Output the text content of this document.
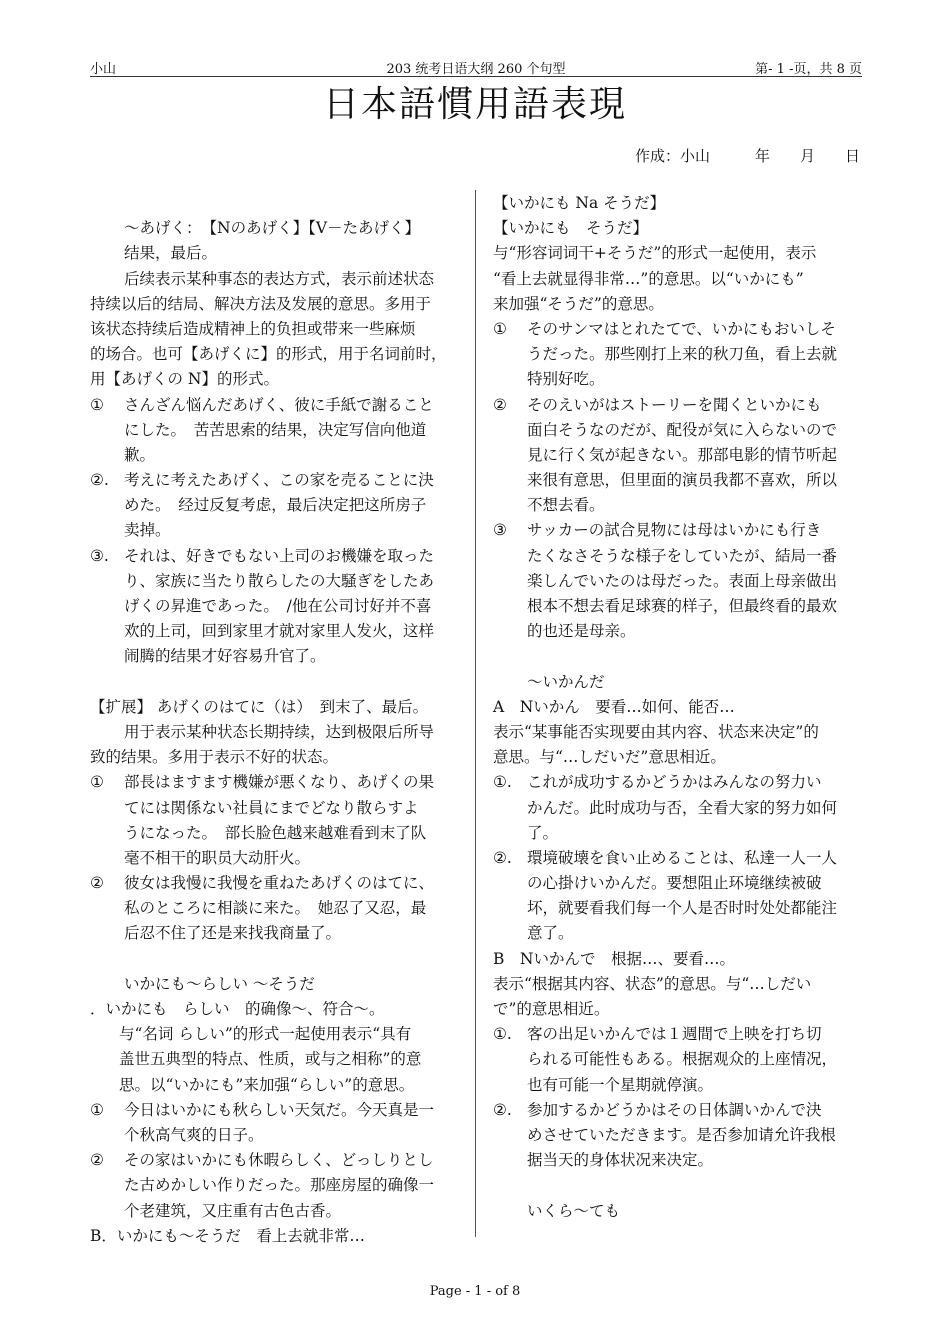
小山	203 统考日语大纲 260 个句型	第- 1 -页，共 8 页
日本語慣用語表現
作成：小山　　　年　　月　　日
～あげく：　【Nのあげく】【V－たあげく】
结果，最后。
后续表示某种事态的表达方式，表示前述状态
持续以后的结局、解决方法及发展的意思。多用于
该状态持续后造成精神上的负担或带来一些麻烦
的场合。也可【あげくに】的形式，用于名词前时，
用【あげくの N】的形式。
①	さんざん悩んだあげく、彼に手紙で謝ること
にした。　苦苦思索的结果，决定写信向他道
歉。
②. 考えに考えたあげく、この家を売ることに決
めた。　经过反复考虑，最后决定把这所房子
卖掉。
③. それは、好きでもない上司のお機嫌を取った
り、家族に当たり散らしたの大騒ぎをしたあ
げくの昇進であった。　/他在公司讨好并不喜
欢的上司，回到家里才就对家里人发火，这样
闹腾的结果才好容易升官了。
【扩展】 あげくのはてに（は）　到末了、最后。
用于表示某种状态长期持续，达到极限后所导
致的结果。多用于表示不好的状态。
①	部長はますます機嫌が悪くなり、あげくの果
てには関係ない社員にまでどなり散らすよ
うになった。　部长脸色越来越难看到末了队
毫不相干的职员大动肝火。
②	彼女は我慢に我慢を重ねたあげくのはてに、
私のところに相談に来た。　她忍了又忍，最
后忍不住了还是来找我商量了。
いかにも～らしい ～そうだ
．いかにも　らしい　的确像～、符合～。
与“名词 らしい”的形式一起使用表示“具有
盖世五典型的特点、性质，或与之相称”的意
思。以“いかにも”来加强“らしい”的意思。
①	今日はいかにも秋らしい天気だ。今天真是一
个秋高气爽的日子。
②	その家はいかにも休暇らしく、どっしりとし
た古めかしい作りだった。那座房屋的确像一
个老建筑，又庄重有古色古香。
B．いかにも～そうだ　看上去就非常…
【いかにも Na そうだ】
【いかにも　そうだ】
与“形容词词干+そうだ”的形式一起使用，表示
“看上去就显得非常…”的意思。以“いかにも”
来加强“そうだ”的意思。
①	そのサンマはとれたてで、いかにもおいしそ
うだった。那些刚打上来的秋刀鱼，看上去就
特别好吃。
②	そのえいがはストーリーを聞くといかにも
面白そうなのだが、配役が気に入らないので
見に行く気が起きない。那部电影的情节听起
来很有意思，但里面的演员我都不喜欢，所以
不想去看。
③	サッカーの試合見物には母はいかにも行き
たくなさそうな様子をしていたが、結局一番
楽しんでいたのは母だった。表面上母亲做出
根本不想去看足球赛的样子，但最终看的最欢
的也还是母亲。
～いかんだ
A　Nいかん　要看…如何、能否…
表示“某事能否实现要由其内容、状态来决定”的
意思。与“…しだいだ”意思相近。
①. これが成功するかどうかはみんなの努力い
かんだ。此时成功与否，全看大家的努力如何
了。
②. 環境破壊を食い止めることは、私達一人一人
の心掛けいかんだ。要想阻止环境继续被破
坏，就要看我们每一个人是否时时处处都能注
意了。
B　Nいかんで　根据…、要看…。
表示“根据其内容、状态”的意思。与“…しだい
で”的意思相近。
①. 客の出足いかんでは１週間で上映を打ち切
られる可能性もある。根据观众的上座情况，
也有可能一个星期就停演。
②. 参加するかどうかはその日体調いかんで決
めさせていただきます。是否参加请允许我根
据当天的身体状况来决定。
いくら～ても
Page - 1 - of 8
